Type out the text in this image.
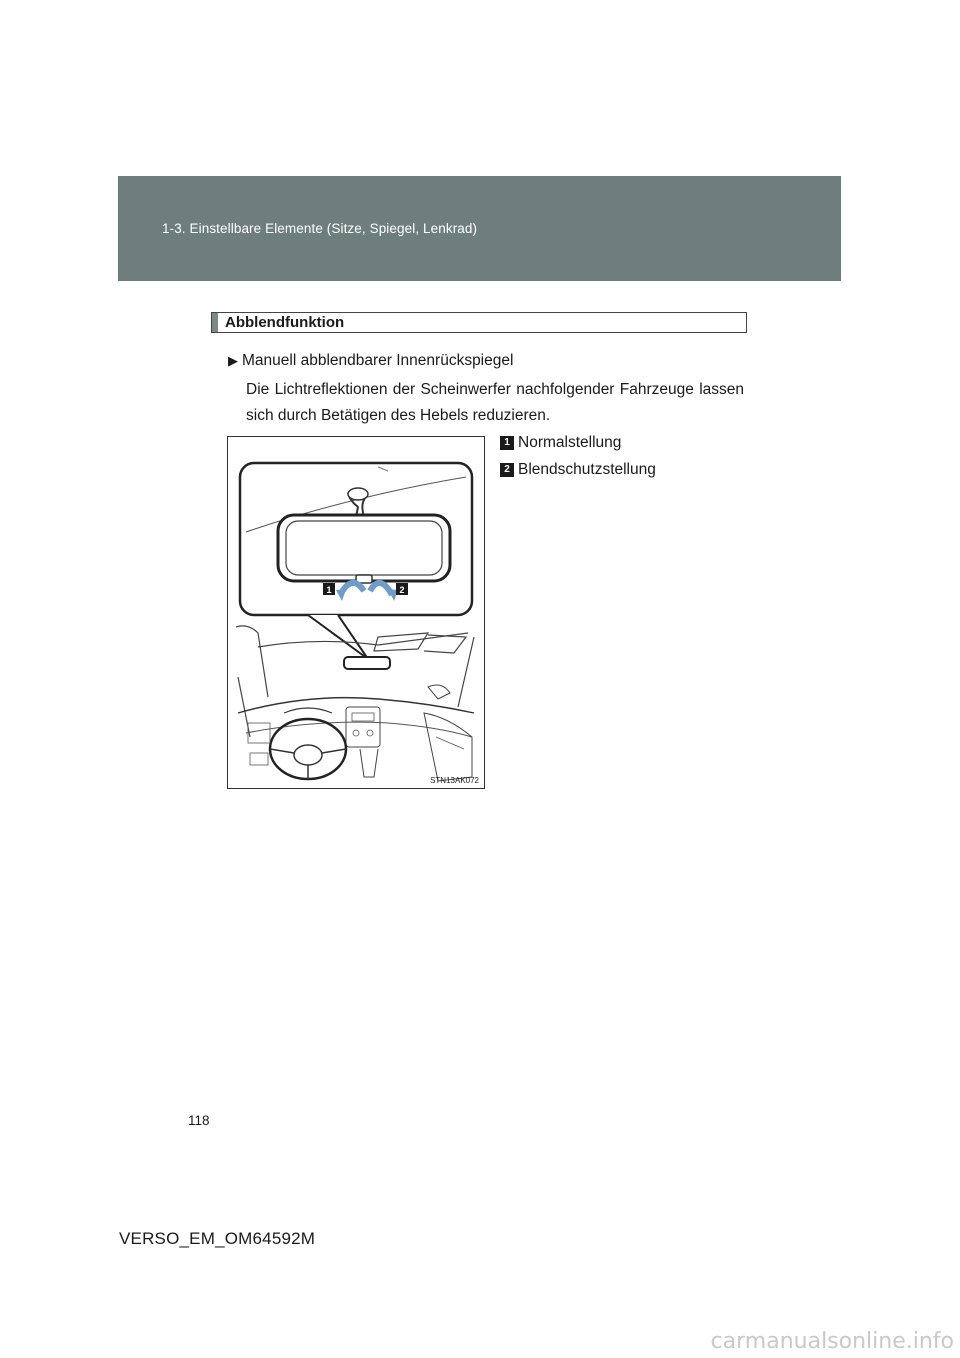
1-3. Einstellbare Elemente (Sitze, Spiegel, Lenkrad)
Abblendfunktion
▶ Manuell abblendbarer Innenrückspiegel
Die Lichtreflektionen der Scheinwerfer nachfolgender Fahrzeuge lassen sich durch Betätigen des Hebels reduzieren.
1 Normalstellung
2 Blendschutzstellung
1	2
STN13AK072
118
VERSO_EM_OM64592M
carmanualsonline.info
